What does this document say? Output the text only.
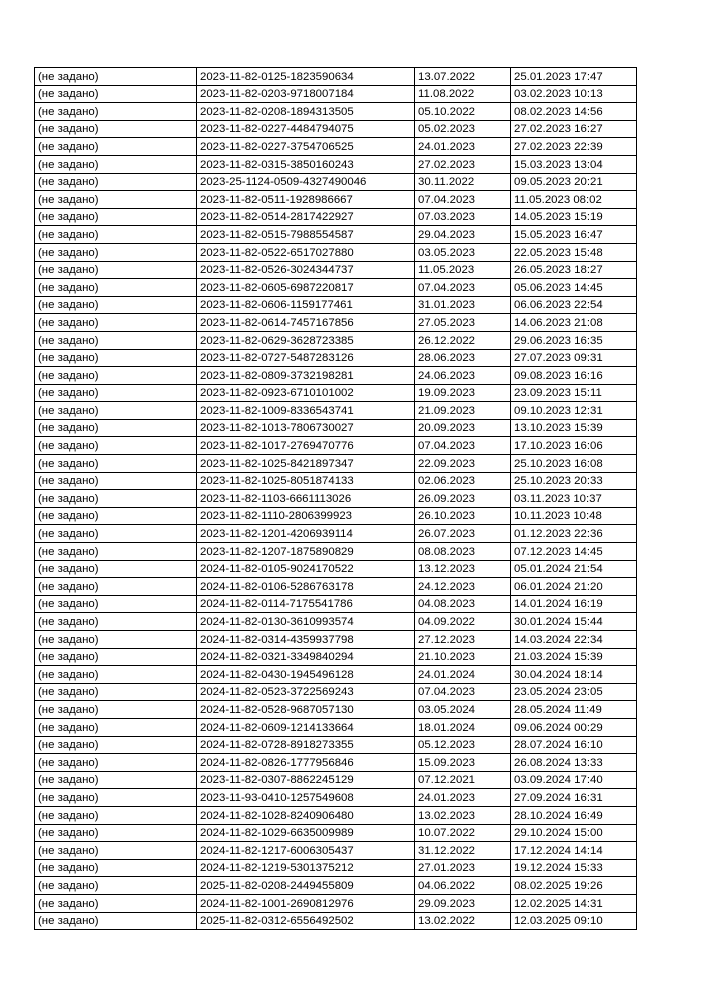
(не задано)	2023-11-82-0125-1823590634	13.07.2022	25.01.2023 17:47
(не задано)	2023-11-82-0203-9718007184	11.08.2022	03.02.2023 10:13
(не задано)	2023-11-82-0208-1894313505	05.10.2022	08.02.2023 14:56
(не задано)	2023-11-82-0227-4484794075	05.02.2023	27.02.2023 16:27
(не задано)	2023-11-82-0227-3754706525	24.01.2023	27.02.2023 22:39
(не задано)	2023-11-82-0315-3850160243	27.02.2023	15.03.2023 13:04
(не задано)	2023-25-1124-0509-4327490046	30.11.2022	09.05.2023 20:21
(не задано)	2023-11-82-0511-1928986667	07.04.2023	11.05.2023 08:02
(не задано)	2023-11-82-0514-2817422927	07.03.2023	14.05.2023 15:19
(не задано)	2023-11-82-0515-7988554587	29.04.2023	15.05.2023 16:47
(не задано)	2023-11-82-0522-6517027880	03.05.2023	22.05.2023 15:48
(не задано)	2023-11-82-0526-3024344737	11.05.2023	26.05.2023 18:27
(не задано)	2023-11-82-0605-6987220817	07.04.2023	05.06.2023 14:45
(не задано)	2023-11-82-0606-1159177461	31.01.2023	06.06.2023 22:54
(не задано)	2023-11-82-0614-7457167856	27.05.2023	14.06.2023 21:08
(не задано)	2023-11-82-0629-3628723385	26.12.2022	29.06.2023 16:35
(не задано)	2023-11-82-0727-5487283126	28.06.2023	27.07.2023 09:31
(не задано)	2023-11-82-0809-3732198281	24.06.2023	09.08.2023 16:16
(не задано)	2023-11-82-0923-6710101002	19.09.2023	23.09.2023 15:11
(не задано)	2023-11-82-1009-8336543741	21.09.2023	09.10.2023 12:31
(не задано)	2023-11-82-1013-7806730027	20.09.2023	13.10.2023 15:39
(не задано)	2023-11-82-1017-2769470776	07.04.2023	17.10.2023 16:06
(не задано)	2023-11-82-1025-8421897347	22.09.2023	25.10.2023 16:08
(не задано)	2023-11-82-1025-8051874133	02.06.2023	25.10.2023 20:33
(не задано)	2023-11-82-1103-6661113026	26.09.2023	03.11.2023 10:37
(не задано)	2023-11-82-1110-2806399923	26.10.2023	10.11.2023 10:48
(не задано)	2023-11-82-1201-4206939114	26.07.2023	01.12.2023 22:36
(не задано)	2023-11-82-1207-1875890829	08.08.2023	07.12.2023 14:45
(не задано)	2024-11-82-0105-9024170522	13.12.2023	05.01.2024 21:54
(не задано)	2024-11-82-0106-5286763178	24.12.2023	06.01.2024 21:20
(не задано)	2024-11-82-0114-7175541786	04.08.2023	14.01.2024 16:19
(не задано)	2024-11-82-0130-3610993574	04.09.2022	30.01.2024 15:44
(не задано)	2024-11-82-0314-4359937798	27.12.2023	14.03.2024 22:34
(не задано)	2024-11-82-0321-3349840294	21.10.2023	21.03.2024 15:39
(не задано)	2024-11-82-0430-1945496128	24.01.2024	30.04.2024 18:14
(не задано)	2024-11-82-0523-3722569243	07.04.2023	23.05.2024 23:05
(не задано)	2024-11-82-0528-9687057130	03.05.2024	28.05.2024 11:49
(не задано)	2024-11-82-0609-1214133664	18.01.2024	09.06.2024 00:29
(не задано)	2024-11-82-0728-8918273355	05.12.2023	28.07.2024 16:10
(не задано)	2024-11-82-0826-1777956846	15.09.2023	26.08.2024 13:33
(не задано)	2023-11-82-0307-8862245129	07.12.2021	03.09.2024 17:40
(не задано)	2023-11-93-0410-1257549608	24.01.2023	27.09.2024 16:31
(не задано)	2024-11-82-1028-8240906480	13.02.2023	28.10.2024 16:49
(не задано)	2024-11-82-1029-6635009989	10.07.2022	29.10.2024 15:00
(не задано)	2024-11-82-1217-6006305437	31.12.2022	17.12.2024 14:14
(не задано)	2024-11-82-1219-5301375212	27.01.2023	19.12.2024 15:33
(не задано)	2025-11-82-0208-2449455809	04.06.2022	08.02.2025 19:26
(не задано)	2024-11-82-1001-2690812976	29.09.2023	12.02.2025 14:31
(не задано)	2025-11-82-0312-6556492502	13.02.2022	12.03.2025 09:10
